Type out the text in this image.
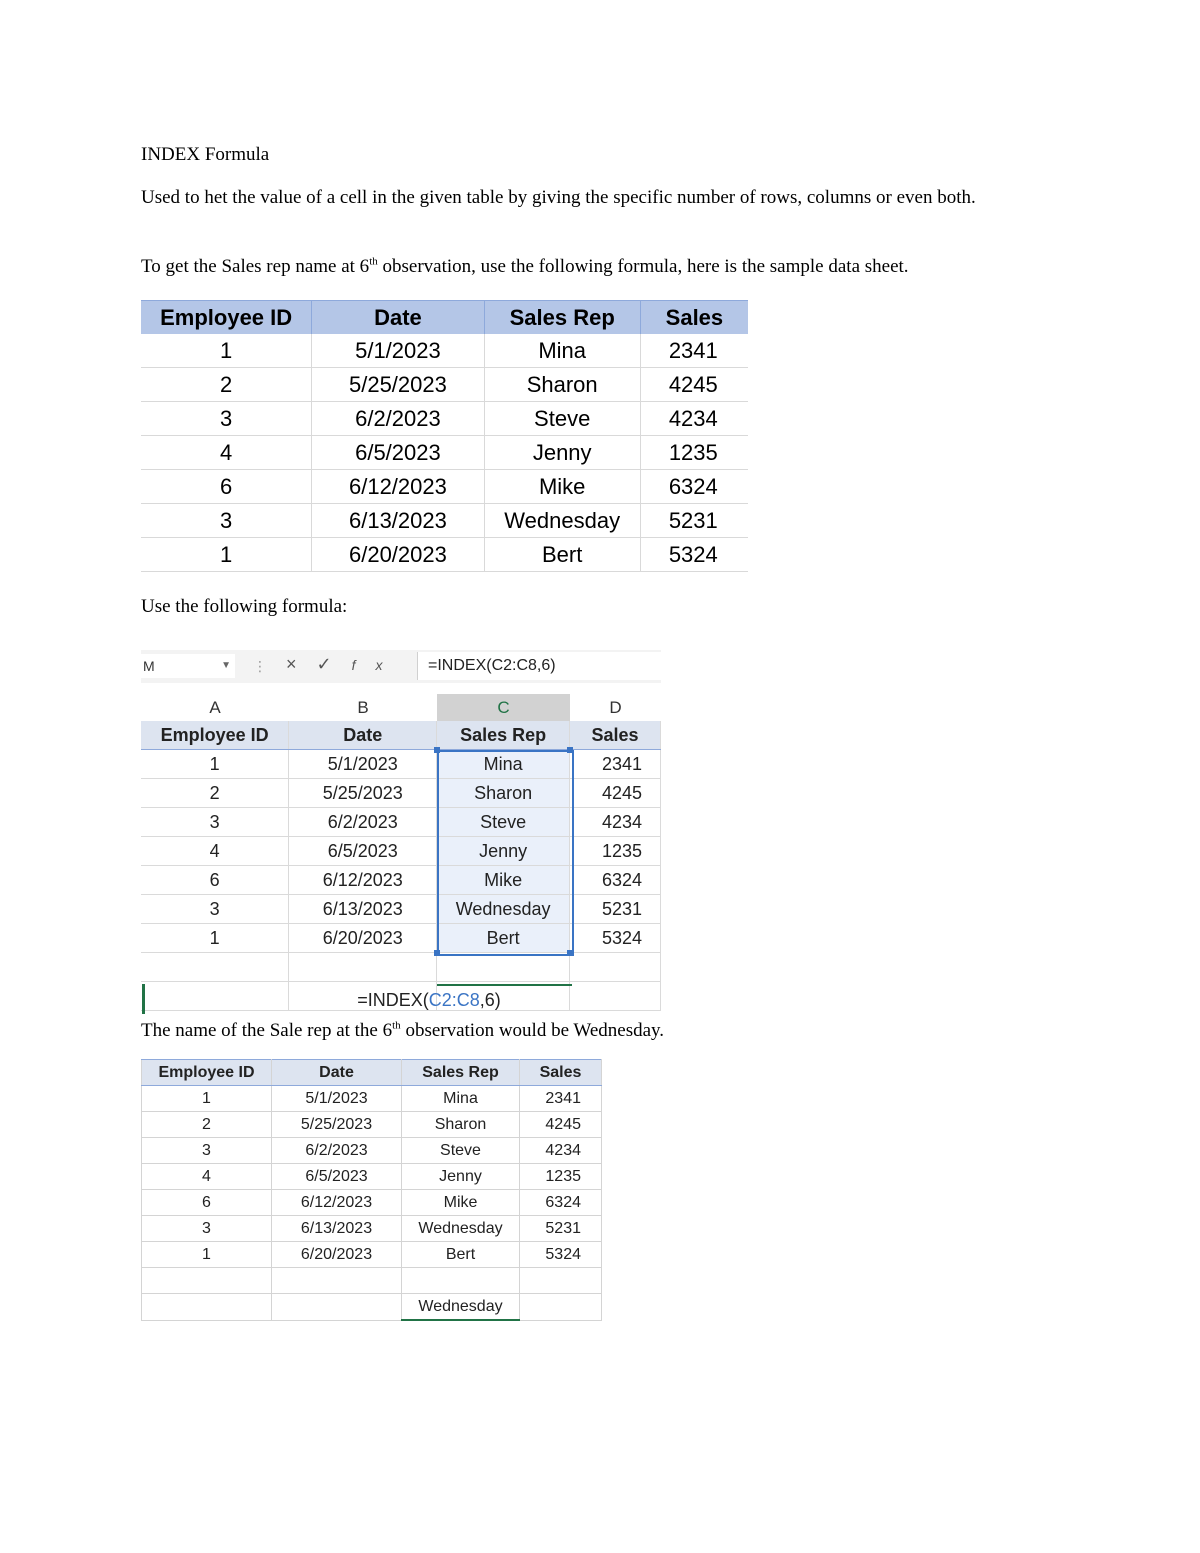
INDEX Formula

Used to het the value of a cell in the given table by giving the specific number of rows, columns or even both.

To get the Sales rep name at 6th observation, use the following formula, here is the sample data sheet.

Employee ID	Date	Sales Rep	Sales
1	5/1/2023	Mina	2341
2	5/25/2023	Sharon	4245
3	6/2/2023	Steve	4234
4	6/5/2023	Jenny	1235
6	6/12/2023	Mike	6324
3	6/13/2023	Wednesday	5231
1	6/20/2023	Bert	5324

Use the following formula:

M	▼ ⋮ ×✓fx	=INDEX(C2:C8,6)
A	B	C	D
Employee ID	Date	Sales Rep	Sales
1	5/1/2023	Mina	2341
2	5/25/2023	Sharon	4245
3	6/2/2023	Steve	4234
4	6/5/2023	Jenny	1235
6	6/12/2023	Mike	6324
3	6/13/2023	Wednesday	5231
1	6/20/2023	Bert	5324

=INDEX(C2:C8,6)

The name of the Sale rep at the 6th observation would be Wednesday.

Employee ID	Date	Sales Rep	Sales
1	5/1/2023	Mina	2341
2	5/25/2023	Sharon	4245
3	6/2/2023	Steve	4234
4	6/5/2023	Jenny	1235
6	6/12/2023	Mike	6324
3	6/13/2023	Wednesday	5231
1	6/20/2023	Bert	5324

		Wednesday	
